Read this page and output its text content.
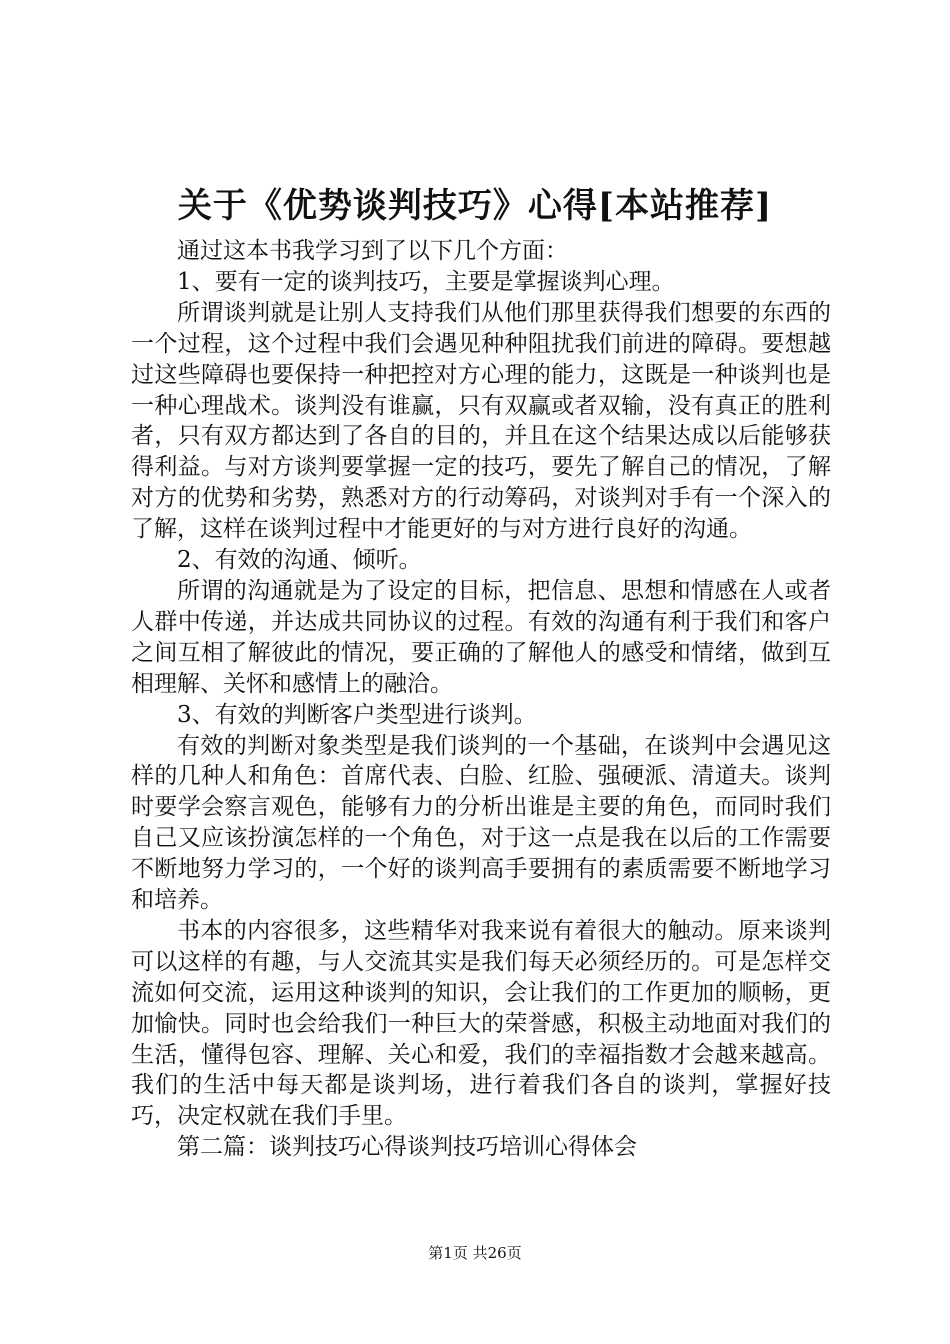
关于《优势谈判技巧》心得[本站推荐]

通过这本书我学习到了以下几个方面：

1、要有一定的谈判技巧，主要是掌握谈判心理。

所谓谈判就是让别人支持我们从他们那里获得我们想要的东西的一个过程，这个过程中我们会遇见种种阻扰我们前进的障碍。要想越过这些障碍也要保持一种把控对方心理的能力，这既是一种谈判也是一种心理战术。谈判没有谁赢，只有双赢或者双输，没有真正的胜利者，只有双方都达到了各自的目的，并且在这个结果达成以后能够获得利益。与对方谈判要掌握一定的技巧，要先了解自己的情况，了解对方的优势和劣势，熟悉对方的行动筹码，对谈判对手有一个深入的了解，这样在谈判过程中才能更好的与对方进行良好的沟通。

2、有效的沟通、倾听。

所谓的沟通就是为了设定的目标，把信息、思想和情感在人或者人群中传递，并达成共同协议的过程。有效的沟通有利于我们和客户之间互相了解彼此的情况，要正确的了解他人的感受和情绪，做到互相理解、关怀和感情上的融洽。

3、有效的判断客户类型进行谈判。

有效的判断对象类型是我们谈判的一个基础，在谈判中会遇见这样的几种人和角色：首席代表、白脸、红脸、强硬派、清道夫。谈判时要学会察言观色，能够有力的分析出谁是主要的角色，而同时我们自己又应该扮演怎样的一个角色，对于这一点是我在以后的工作需要不断地努力学习的，一个好的谈判高手要拥有的素质需要不断地学习和培养。

书本的内容很多，这些精华对我来说有着很大的触动。原来谈判可以这样的有趣，与人交流其实是我们每天必须经历的。可是怎样交流如何交流，运用这种谈判的知识，会让我们的工作更加的顺畅，更加愉快。同时也会给我们一种巨大的荣誉感，积极主动地面对我们的生活，懂得包容、理解、关心和爱，我们的幸福指数才会越来越高。我们的生活中每天都是谈判场，进行着我们各自的谈判，掌握好技巧，决定权就在我们手里。

第二篇：谈判技巧心得谈判技巧培训心得体会

第1页 共26页
